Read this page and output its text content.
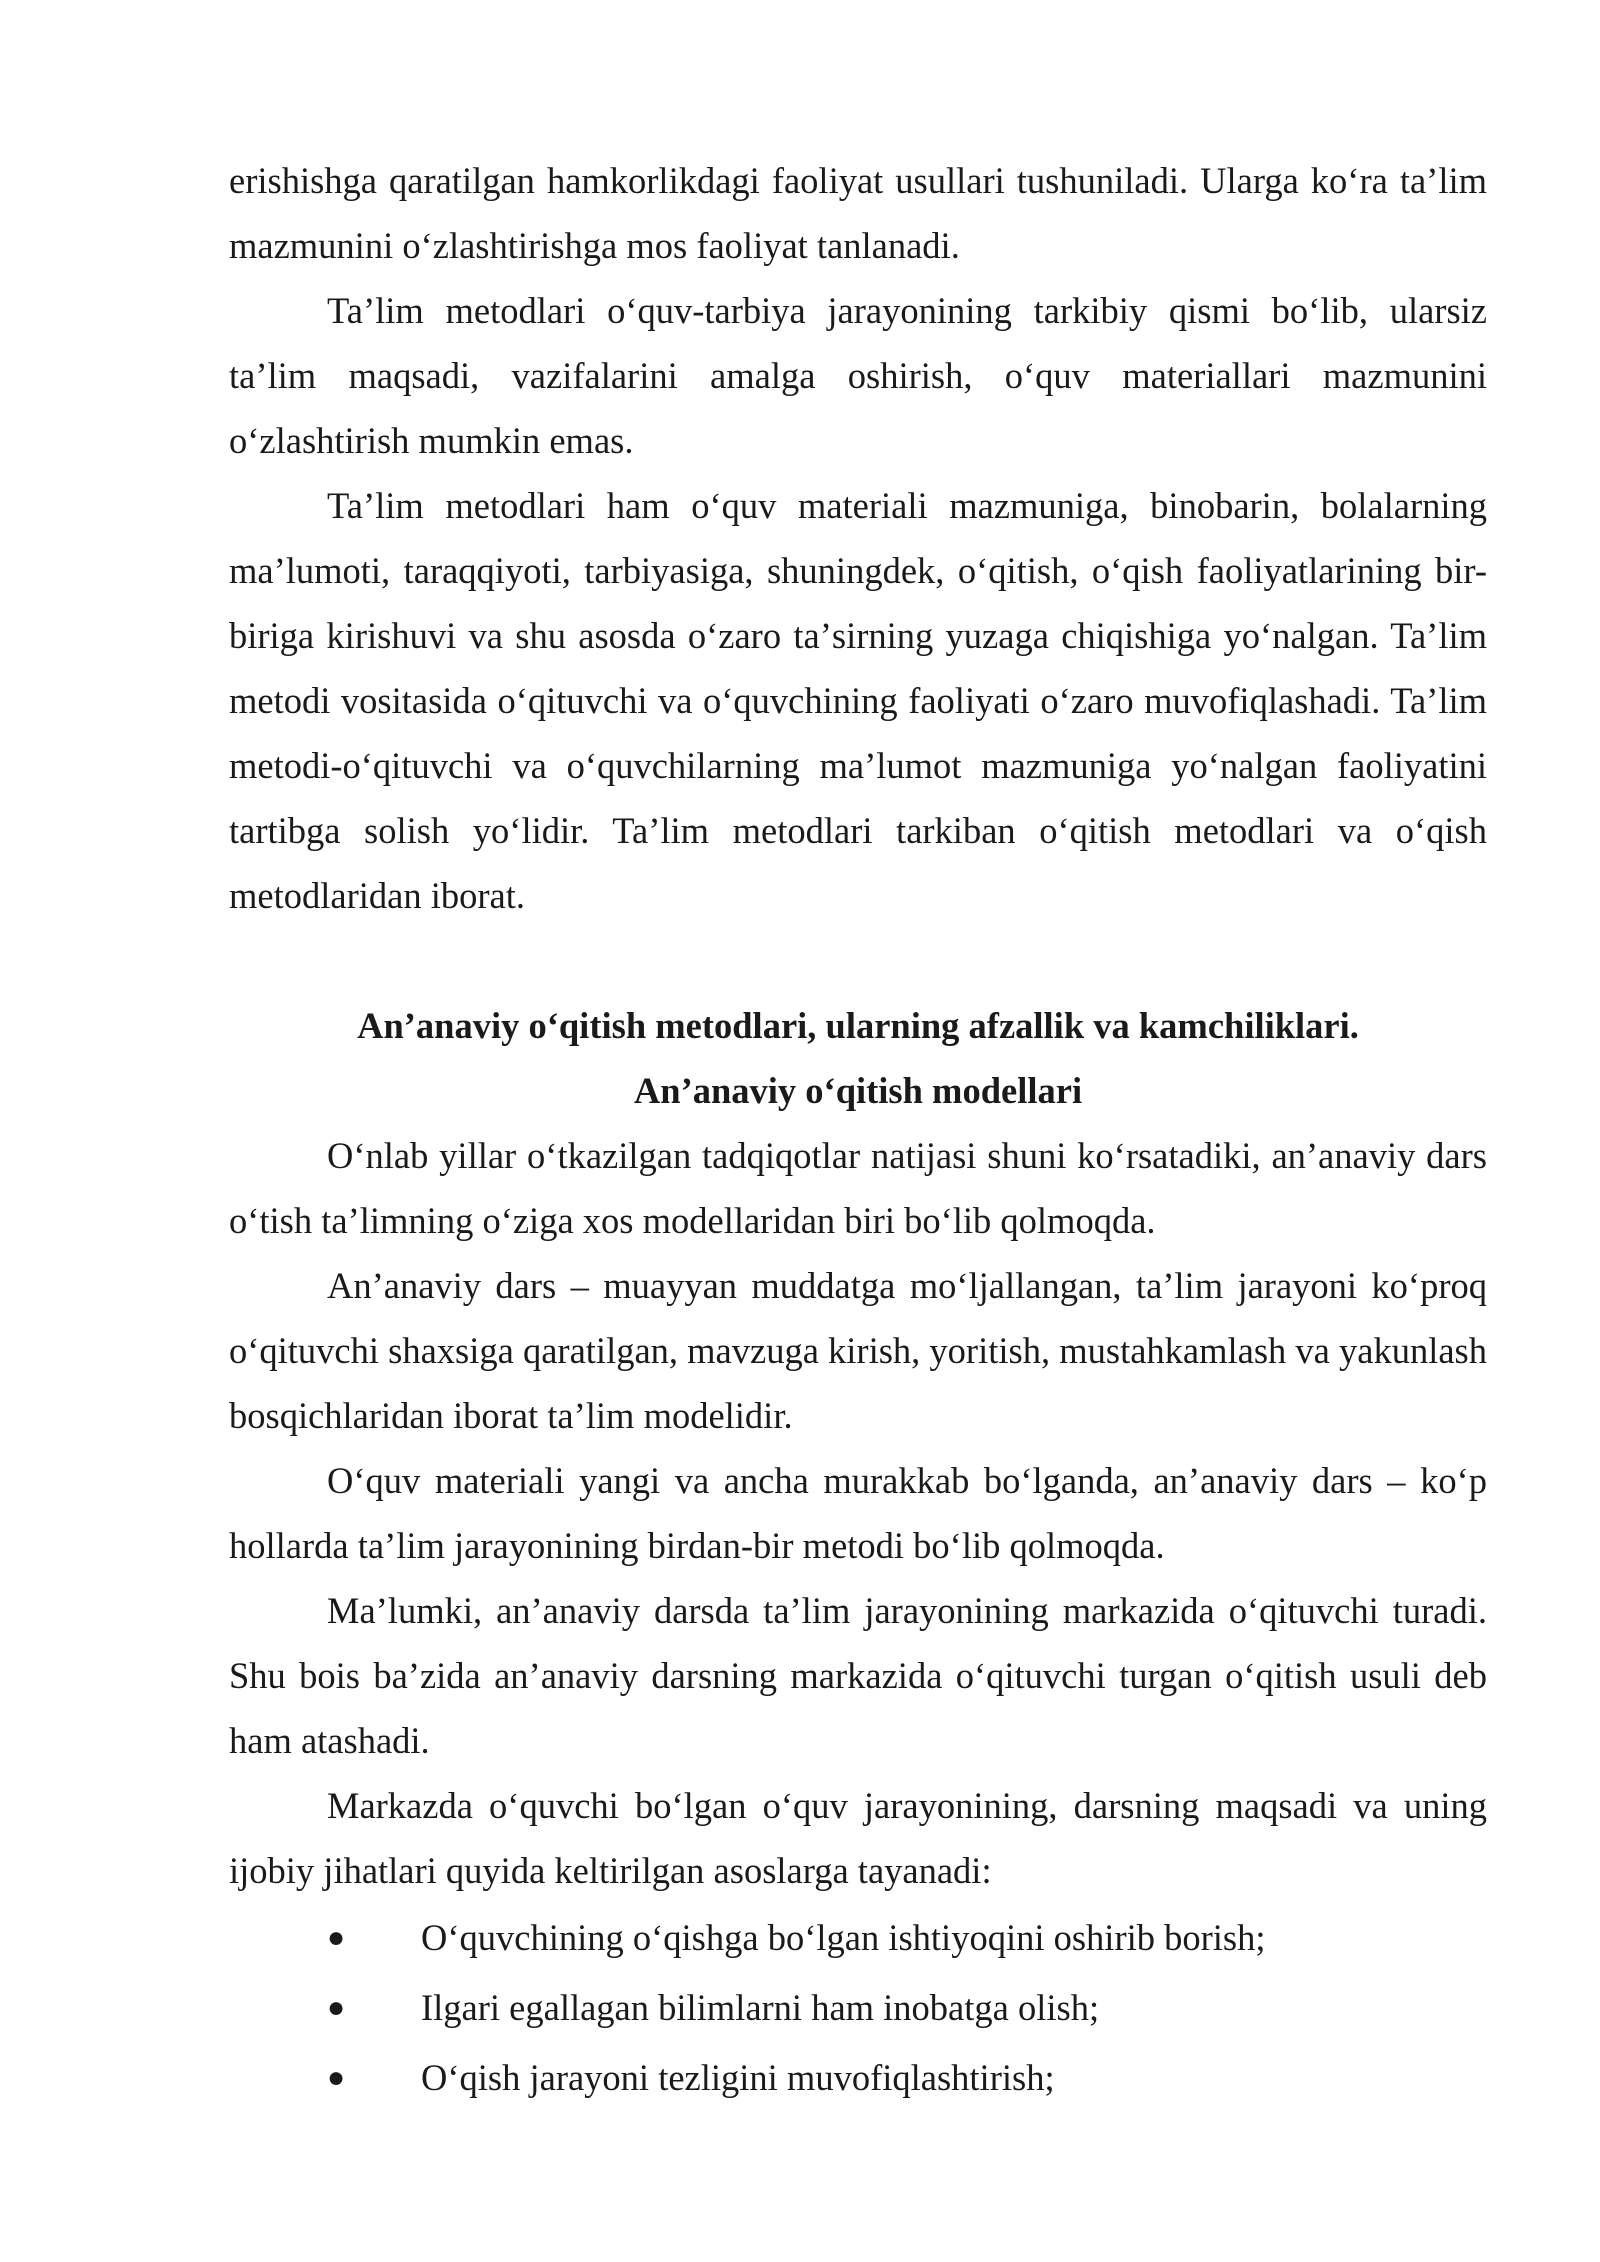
erishishga qaratilgan hamkorlikdagi faoliyat usullari tushuniladi. Ularga koʻra taʼlim mazmunini oʻzlashtirishga mos faoliyat tanlanadi.

Taʼlim metodlari oʻquv-tarbiya jarayonining tarkibiy qismi boʻlib, ularsiz taʼlim maqsadi, vazifalarini amalga oshirish, oʻquv materiallari mazmunini oʻzlashtirish mumkin emas.

Taʼlim metodlari ham oʻquv materiali mazmuniga, binobarin, bolalarning maʼlumoti, taraqqiyoti, tarbiyasiga, shuningdek, oʻqitish, oʻqish faoliyatlarining bir-biriga kirishuvi va shu asosda oʻzaro taʼsirning yuzaga chiqishiga yoʻnalgan. Taʼlim metodi vositasida oʻqituvchi va oʻquvchining faoliyati oʻzaro muvofiqlashadi. Taʼlim metodi-oʻqituvchi va oʻquvchilarning maʼlumot mazmuniga yoʻnalgan faoliyatini tartibga solish yoʻlidir. Taʼlim metodlari tarkiban oʻqitish metodlari va oʻqish metodlaridan iborat.

Anʼanaviy oʻqitish metodlari, ularning afzallik va kamchiliklari.
Anʼanaviy oʻqitish modellari

Oʻnlab yillar oʻtkazilgan tadqiqotlar natijasi shuni koʻrsatadiki, anʼanaviy dars oʻtish taʼlimning oʻziga xos modellaridan biri boʻlib qolmoqda.

Anʼanaviy dars – muayyan muddatga moʻljallangan, taʼlim jarayoni koʻproq oʻqituvchi shaxsiga qaratilgan, mavzuga kirish, yoritish, mustahkamlash va yakunlash bosqichlaridan iborat taʼlim modelidir.

Oʻquv materiali yangi va ancha murakkab boʻlganda, anʼanaviy dars – koʻp hollarda taʼlim jarayonining birdan-bir metodi boʻlib qolmoqda.

Maʼlumki, anʼanaviy darsda taʼlim jarayonining markazida oʻqituvchi turadi. Shu bois baʼzida anʼanaviy darsning markazida oʻqituvchi turgan oʻqitish usuli deb ham atashadi.

Markazda oʻquvchi boʻlgan oʻquv jarayonining, darsning maqsadi va uning ijobiy jihatlari quyida keltirilgan asoslarga tayanadi:

● Oʻquvchining oʻqishga boʻlgan ishtiyoqini oshirib borish;
● Ilgari egallagan bilimlarni ham inobatga olish;
● Oʻqish jarayoni tezligini muvofiqlashtirish;
